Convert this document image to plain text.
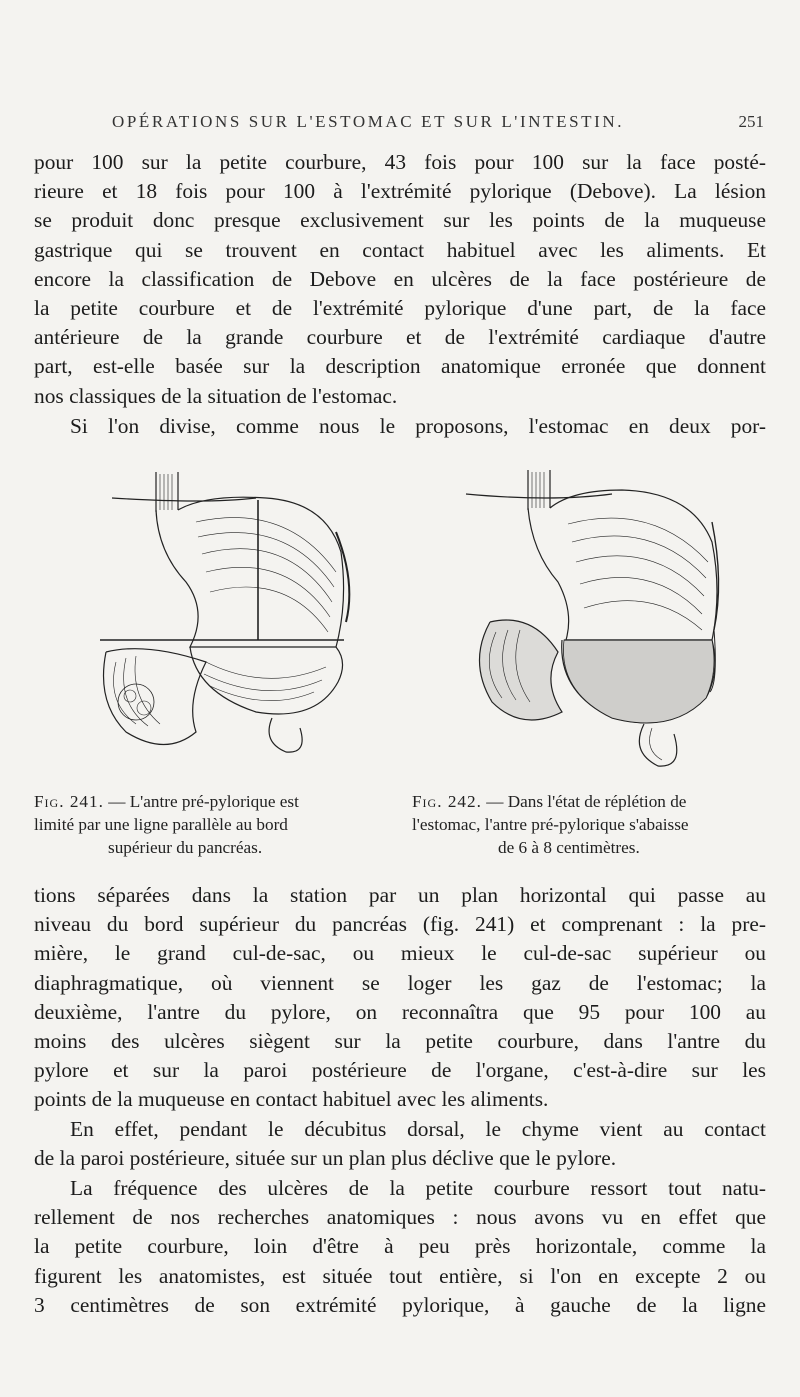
OPÉRATIONS SUR L'ESTOMAC ET SUR L'INTESTIN.	251

pour 100 sur la petite courbure, 43 fois pour 100 sur la face posté-
rieure et 18 fois pour 100 à l'extrémité pylorique (Debove). La lésion
se produit donc presque exclusivement sur les points de la muqueuse
gastrique qui se trouvent en contact habituel avec les aliments. Et
encore la classification de Debove en ulcères de la face postérieure de
la petite courbure et de l'extrémité pylorique d'une part, de la face
antérieure de la grande courbure et de l'extrémité cardiaque d'autre
part, est-elle basée sur la description anatomique erronée que donnent
nos classiques de la situation de l'estomac.

Si l'on divise, comme nous le proposons, l'estomac en deux por-

Fig. 241. — L'antre pré-pylorique est
limité par une ligne parallèle au bord
supérieur du pancréas.
Fig. 242. — Dans l'état de réplétion de
l'estomac, l'antre pré-pylorique s'abaisse
de 6 à 8 centimètres.

tions séparées dans la station par un plan horizontal qui passe au
niveau du bord supérieur du pancréas (fig. 241) et comprenant : la pre-
mière, le grand cul-de-sac, ou mieux le cul-de-sac supérieur ou
diaphragmatique, où viennent se loger les gaz de l'estomac; la
deuxième, l'antre du pylore, on reconnaîtra que 95 pour 100 au
moins des ulcères siègent sur la petite courbure, dans l'antre du
pylore et sur la paroi postérieure de l'organe, c'est-à-dire sur les
points de la muqueuse en contact habituel avec les aliments.

En effet, pendant le décubitus dorsal, le chyme vient au contact
de la paroi postérieure, située sur un plan plus déclive que le pylore.

La fréquence des ulcères de la petite courbure ressort tout natu-
rellement de nos recherches anatomiques : nous avons vu en effet que
la petite courbure, loin d'être à peu près horizontale, comme la
figurent les anatomistes, est située tout entière, si l'on en excepte 2 ou
3 centimètres de son extrémité pylorique, à gauche de la ligne
